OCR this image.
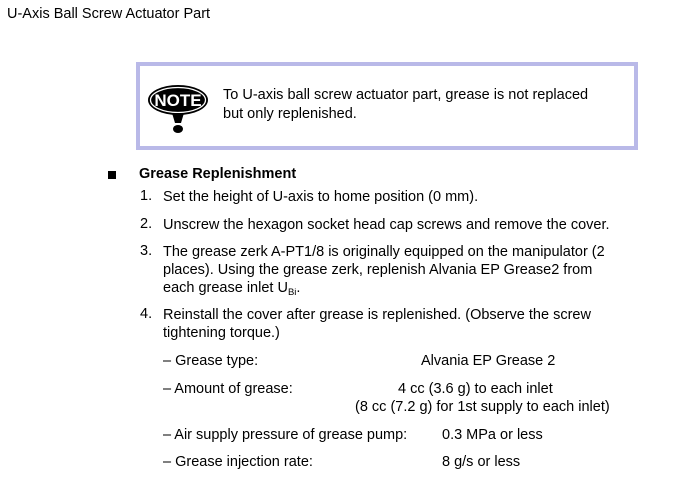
U-Axis Ball Screw Actuator Part
NOTE To U-axis ball screw actuator part, grease is not replaced
but only replenished.
Grease Replenishment
1. Set the height of U-axis to home position (0 mm).
2. Unscrew the hexagon socket head cap screws and remove the cover.
3. The grease zerk A-PT1/8 is originally equipped on the manipulator (2
places). Using the grease zerk, replenish Alvania EP Grease2 from
each grease inlet $U_{Bi}$.
4. Reinstall the cover after grease is replenished. (Observe the screw
tightening torque.)
– Grease type:	Alvania EP Grease 2
– Amount of grease:	4 cc (3.6 g) to each inlet
(8 cc (7.2 g) for 1st supply to each inlet)
– Air supply pressure of grease pump: 0.3 MPa or less
– Grease injection rate:	8 g/s or less
